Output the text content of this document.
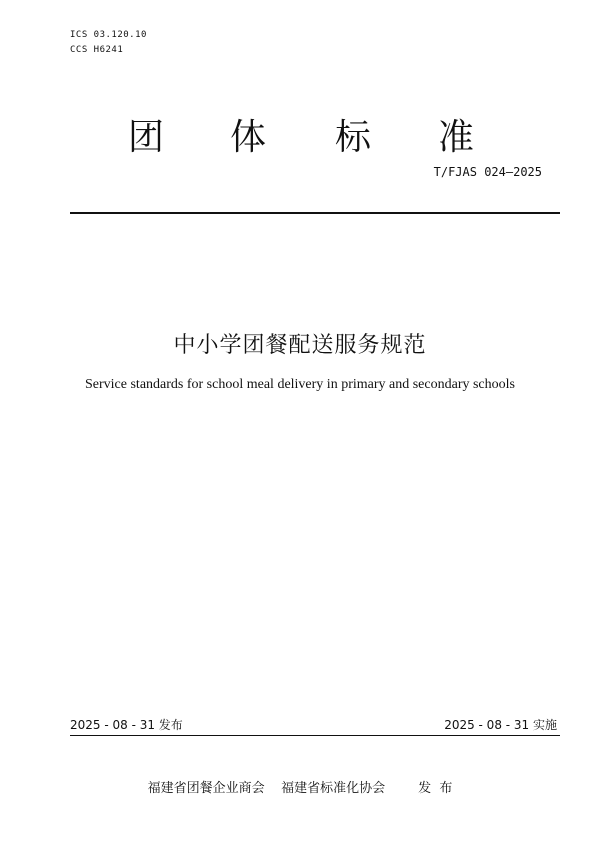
ICS 03.120.10
CCS H6241
团 体 标 准
T/FJAS 024—2025
中小学团餐配送服务规范
Service standards for school meal delivery in primary and secondary schools
2025 - 08 - 31 发布	2025 - 08 - 31 实施
福建省团餐企业商会    福建省标准化协会        发  布
